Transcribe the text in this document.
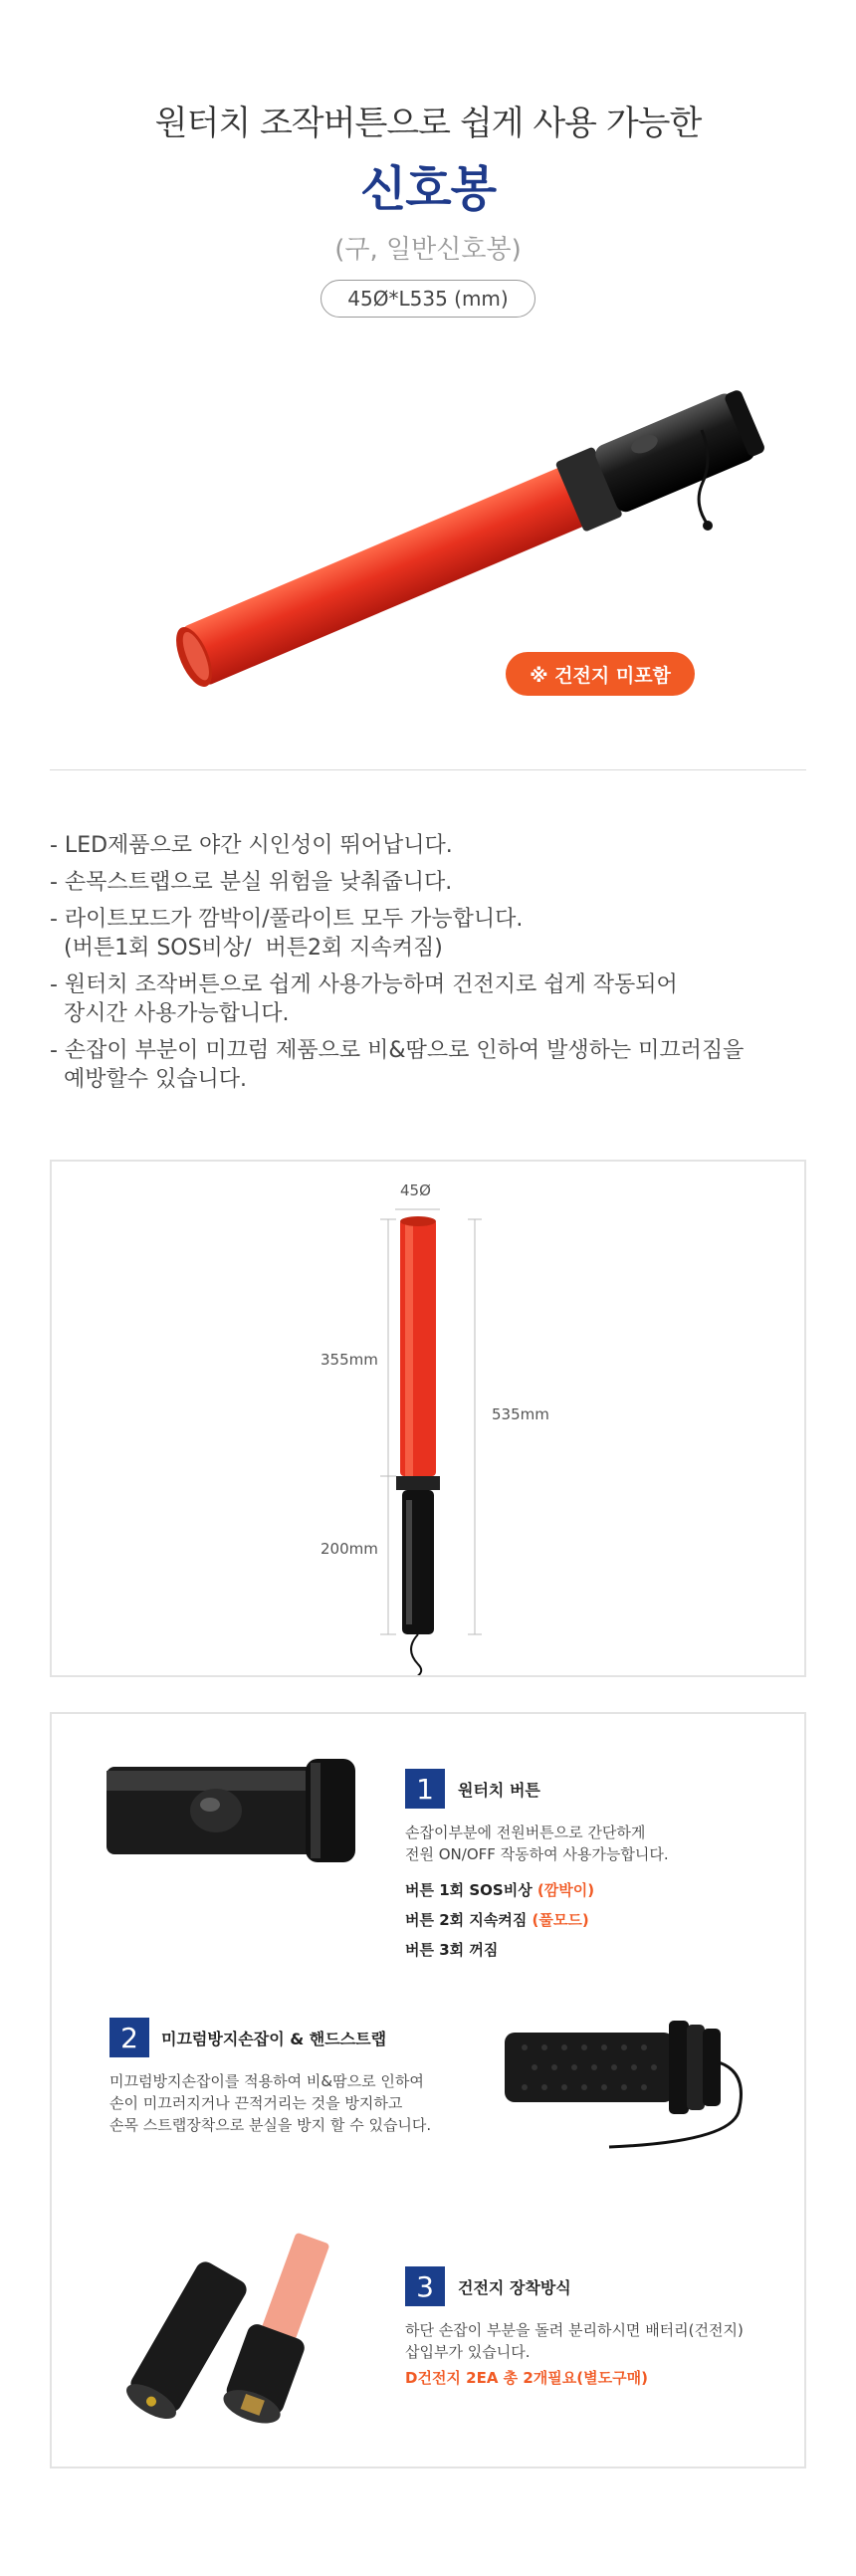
원터치 조작버튼으로 쉽게 사용 가능한
신호봉
(구, 일반신호봉)
45Ø*L535 (mm)
※ 건전지 미포함
- LED제품으로 야간 시인성이 뛰어납니다.
- 손목스트랩으로 분실 위험을 낮춰줍니다.
- 라이트모드가 깜박이/풀라이트 모두 가능합니다.
(버튼1회 SOS비상/  버튼2회 지속켜짐)
- 원터치 조작버튼으로 쉽게 사용가능하며 건전지로 쉽게 작동되어
장시간 사용가능합니다.
- 손잡이 부분이 미끄럼 제품으로 비&땀으로 인하여 발생하는 미끄러짐을
예방할수 있습니다.
45Ø
355mm
200mm
535mm
1	원터치 버튼
손잡이부분에 전원버튼으로 간단하게
전원 ON/OFF 작동하여 사용가능합니다.
버튼 1회 SOS비상 (깜박이)
버튼 2회 지속켜짐 (풀모드)
버튼 3회 꺼짐
2	미끄럼방지손잡이 & 핸드스트랩
미끄럼방지손잡이를 적용하여 비&땀으로 인하여
손이 미끄러지거나 끈적거리는 것을 방지하고
손목 스트랩장착으로 분실을 방지 할 수 있습니다.
3	건전지 장착방식
하단 손잡이 부분을 돌려 분리하시면 배터리(건전지)
삽입부가 있습니다.
D건전지 2EA 총 2개필요(별도구매)
